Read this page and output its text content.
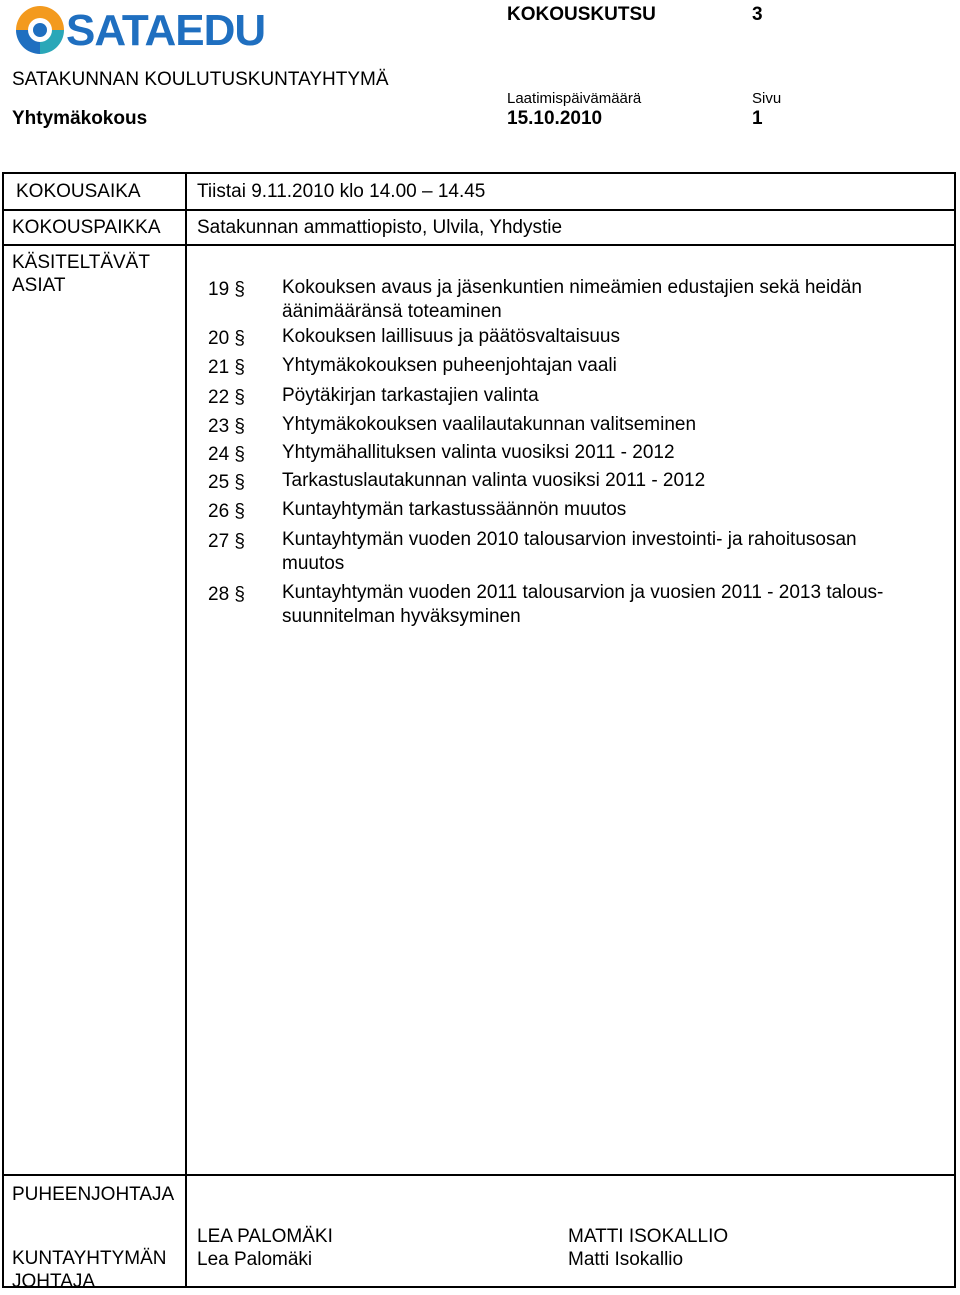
SATAEDU	KOKOUSKUTSU	3
SATAKUNNAN KOULUTUSKUNTAYHTYMÄ
Laatimispäivämäärä	Sivu
Yhtymäkokous	15.10.2010	1
KOKOUSAIKA	Tiistai 9.11.2010 klo 14.00 – 14.45
KOKOUSPAIKKA Satakunnan ammattiopisto, Ulvila, Yhdystie
KÄSITELTÄVÄT
ASIAT	19 §	Kokouksen avaus ja jäsenkuntien nimeämien edustajien sekä heidän
äänimääränsä toteaminen
20 §	Kokouksen laillisuus ja päätösvaltaisuus
21 §	Yhtymäkokouksen puheenjohtajan vaali
22 §	Pöytäkirjan tarkastajien valinta
23 §	Yhtymäkokouksen vaalilautakunnan valitseminen
24 §	Yhtymähallituksen valinta vuosiksi 2011 - 2012
25 §	Tarkastuslautakunnan valinta vuosiksi 2011 - 2012
26 §	Kuntayhtymän tarkastussäännön muutos
27 §	Kuntayhtymän vuoden 2010 talousarvion investointi- ja rahoitusosan
muutos
28 §	Kuntayhtymän vuoden 2011 talousarvion ja vuosien 2011 - 2013 talous-
suunnitelman hyväksyminen
PUHEENJOHTAJA
KUNTAYHTYMÄN
JOHTAJA
LEA PALOMÄKI
Lea Palomäki
MATTI ISOKALLIO
Matti Isokallio
